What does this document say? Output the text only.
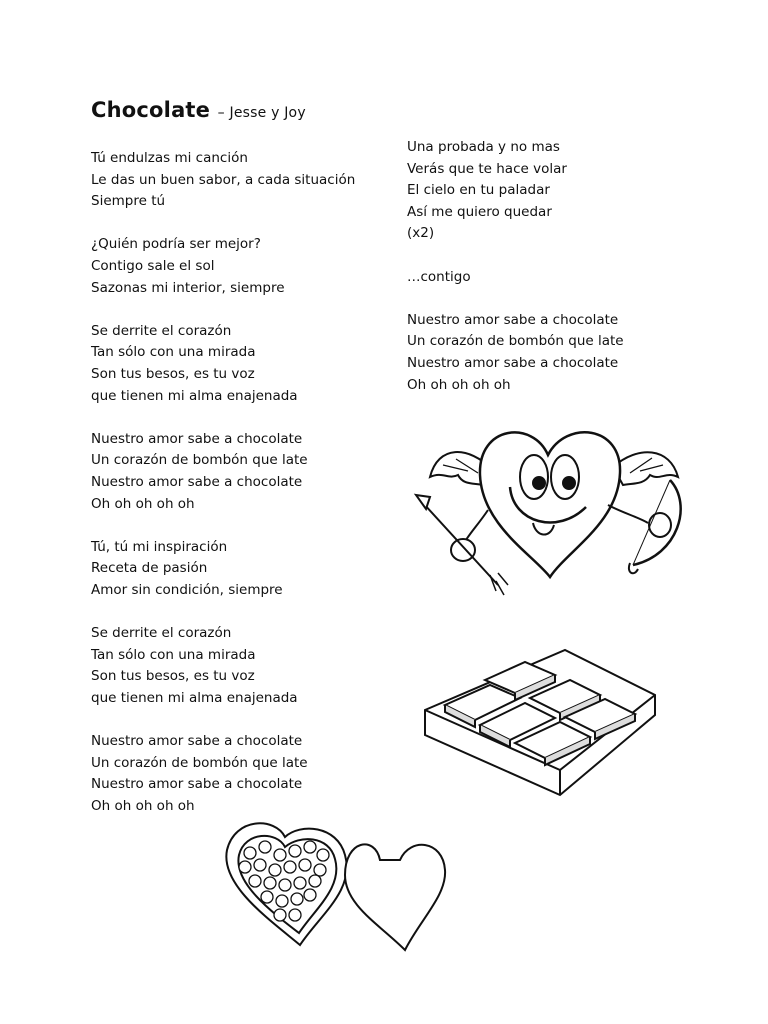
Chocolate – Jesse y Joy
Tú endulzas mi canción
Le das un buen sabor, a cada situación
Siempre tú
¿Quién podría ser mejor?
Contigo sale el sol
Sazonas mi interior, siempre
Se derrite el corazón
Tan sólo con una mirada
Son tus besos, es tu voz
que tienen mi alma enajenada
Nuestro amor sabe a chocolate
Un corazón de bombón que late
Nuestro amor sabe a chocolate
Oh oh oh oh oh
Tú, tú mi inspiración
Receta de pasión
Amor sin condición, siempre
Se derrite el corazón
Tan sólo con una mirada
Son tus besos, es tu voz
que tienen mi alma enajenada
Nuestro amor sabe a chocolate
Un corazón de bombón que late
Nuestro amor sabe a chocolate
Oh oh oh oh oh
Una probada y no mas
Verás que te hace volar
El cielo en tu paladar
Así me quiero quedar
(x2)
…contigo
Nuestro amor sabe a chocolate
Un corazón de bombón que late
Nuestro amor sabe a chocolate
Oh oh oh oh oh
